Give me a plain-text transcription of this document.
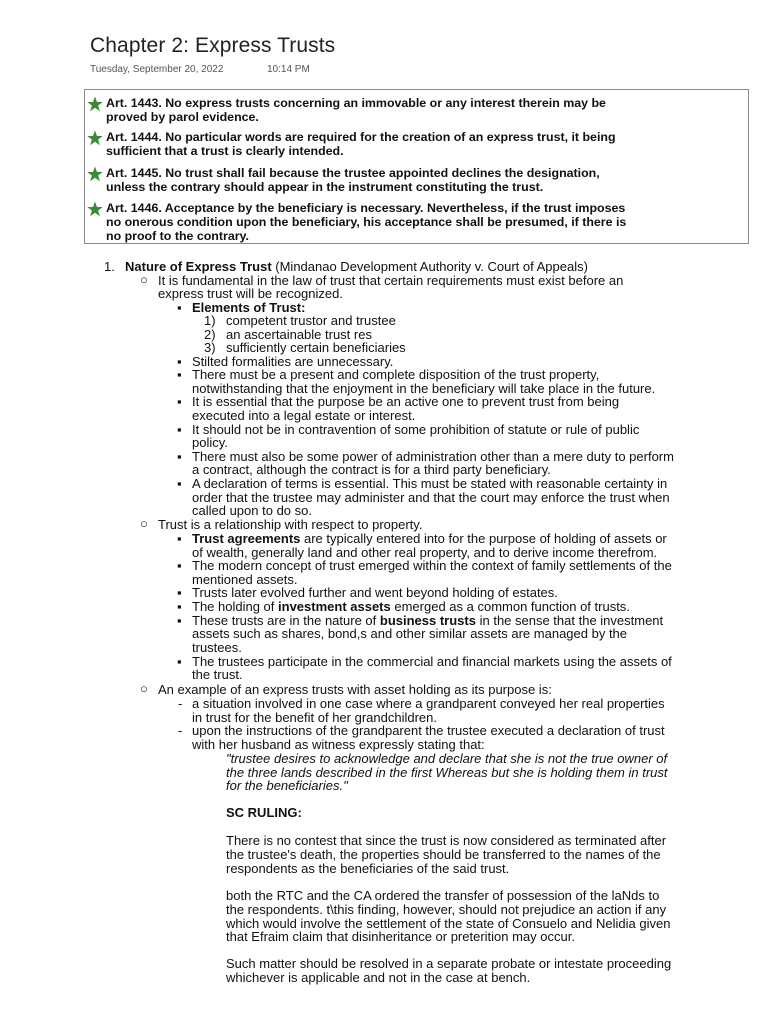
Chapter 2: Express Trusts
Tuesday, September 20, 2022	10:14 PM
Art. 1443. No express trusts concerning an immovable or any interest therein may be
proved by parol evidence.
Art. 1444. No particular words are required for the creation of an express trust, it being
sufficient that a trust is clearly intended.
Art. 1445. No trust shall fail because the trustee appointed declines the designation,
unless the contrary should appear in the instrument constituting the trust.
Art. 1446. Acceptance by the beneficiary is necessary. Nevertheless, if the trust imposes
no onerous condition upon the beneficiary, his acceptance shall be presumed, if there is
no proof to the contrary.
1. Nature of Express Trust (Mindanao Development Authority v. Court of Appeals)
○ It is fundamental in the law of trust that certain requirements must exist before an
express trust will be recognized.
▪ Elements of Trust:
1) competent trustor and trustee
2) an ascertainable trust res
3) sufficiently certain beneficiaries
▪ Stilted formalities are unnecessary.
▪ There must be a present and complete disposition of the trust property,
notwithstanding that the enjoyment in the beneficiary will take place in the future.
▪ It is essential that the purpose be an active one to prevent trust from being
executed into a legal estate or interest.
▪ It should not be in contravention of some prohibition of statute or rule of public
policy.
▪ There must also be some power of administration other than a mere duty to perform
a contract, although the contract is for a third party beneficiary.
▪ A declaration of terms is essential. This must be stated with reasonable certainty in
order that the trustee may administer and that the court may enforce the trust when
called upon to do so.
○ Trust is a relationship with respect to property.
▪ Trust agreements are typically entered into for the purpose of holding of assets or
of wealth, generally land and other real property, and to derive income therefrom.
▪ The modern concept of trust emerged within the context of family settlements of the
mentioned assets.
▪ Trusts later evolved further and went beyond holding of estates.
▪ The holding of investment assets emerged as a common function of trusts.
▪ These trusts are in the nature of business trusts in the sense that the investment
assets such as shares, bond,s and other similar assets are managed by the
trustees.
▪ The trustees participate in the commercial and financial markets using the assets of
the trust.
○ An example of an express trusts with asset holding as its purpose is:
- a situation involved in one case where a grandparent conveyed her real properties
in trust for the benefit of her grandchildren.
- upon the instructions of the grandparent the trustee executed a declaration of trust
with her husband as witness expressly stating that:
"trustee desires to acknowledge and declare that she is not the true owner of
the three lands described in the first Whereas but she is holding them in trust
for the beneficiaries."
SC RULING:
There is no contest that since the trust is now considered as terminated after
the trustee's death, the properties should be transferred to the names of the
respondents as the beneficiaries of the said trust.
both the RTC and the CA ordered the transfer of possession of the laNds to
the respondents. t\this finding, however, should not prejudice an action if any
which would involve the settlement of the state of Consuelo and Nelidia given
that Efraim claim that disinheritance or preterition may occur.
Such matter should be resolved in a separate probate or intestate proceeding
whichever is applicable and not in the case at bench.
